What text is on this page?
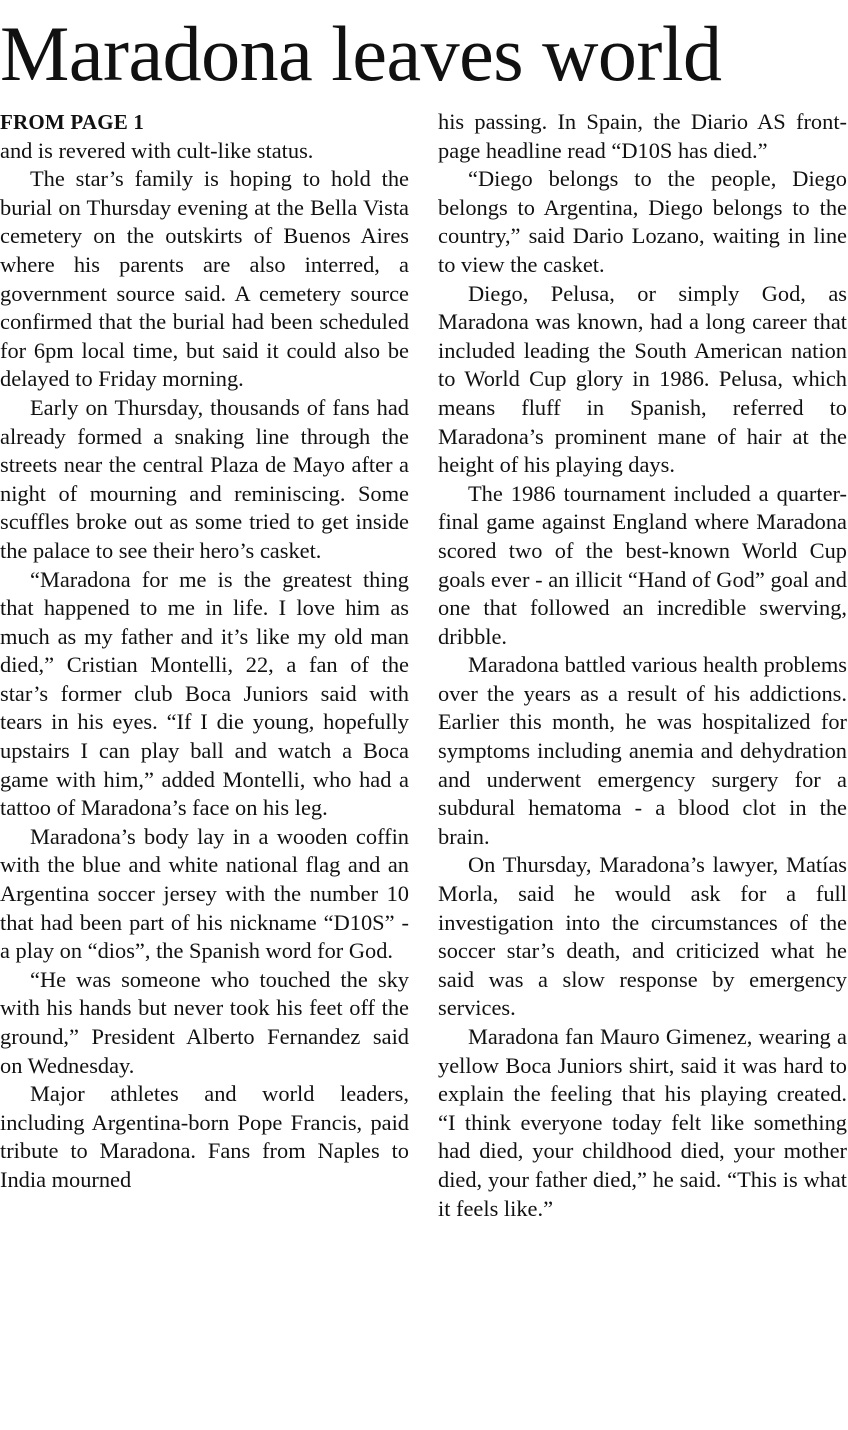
Maradona leaves world
FROM PAGE 1

and is revered with cult-like status.

The star’s family is hoping to hold the burial on Thursday evening at the Bella Vista cemetery on the outskirts of Buenos Aires where his parents are also interred, a government source said. A cemetery source confirmed that the burial had been scheduled for 6pm local time, but said it could also be delayed to Friday morning.

Early on Thursday, thousands of fans had already formed a snaking line through the streets near the central Plaza de Mayo after a night of mourning and reminiscing. Some scuffles broke out as some tried to get inside the palace to see their hero’s casket.

“Maradona for me is the greatest thing that happened to me in life. I love him as much as my father and it’s like my old man died,” Cristian Montelli, 22, a fan of the star’s former club Boca Juniors said with tears in his eyes. “If I die young, hopefully upstairs I can play ball and watch a Boca game with him,” added Montelli, who had a tattoo of Maradona’s face on his leg.

Maradona’s body lay in a wooden coffin with the blue and white national flag and an Argentina soccer jersey with the number 10 that had been part of his nickname “D10S” - a play on “dios”, the Spanish word for God.

“He was someone who touched the sky with his hands but never took his feet off the ground,” President Alberto Fernandez said on Wednesday.

Major athletes and world leaders, including Argentina-born Pope Francis, paid tribute to Maradona. Fans from Naples to India mourned

his passing. In Spain, the Diario AS front-page headline read “D10S has died.”

“Diego belongs to the people, Diego belongs to Argentina, Diego belongs to the country,” said Dario Lozano, waiting in line to view the casket.

Diego, Pelusa, or simply God, as Maradona was known, had a long career that included leading the South American nation to World Cup glory in 1986. Pelusa, which means fluff in Spanish, referred to Maradona’s prominent mane of hair at the height of his playing days.

The 1986 tournament included a quarter-final game against England where Maradona scored two of the best-known World Cup goals ever - an illicit “Hand of God” goal and one that followed an incredible swerving, dribble.

Maradona battled various health problems over the years as a result of his addictions. Earlier this month, he was hospitalized for symptoms including anemia and dehydration and underwent emergency surgery for a subdural hematoma - a blood clot in the brain.

On Thursday, Maradona’s lawyer, Matías Morla, said he would ask for a full investigation into the circumstances of the soccer star’s death, and criticized what he said was a slow response by emergency services.

Maradona fan Mauro Gimenez, wearing a yellow Boca Juniors shirt, said it was hard to explain the feeling that his playing created. “I think everyone today felt like something had died, your childhood died, your mother died, your father died,” he said. “This is what it feels like.”
